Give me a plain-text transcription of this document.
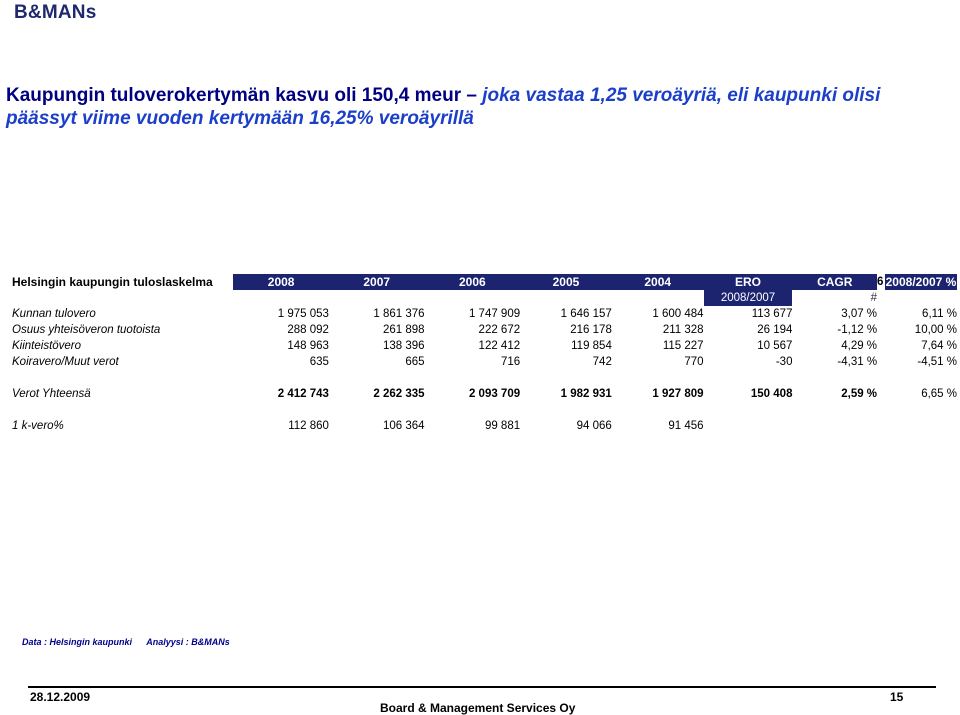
B&MANs
Kaupungin tuloverokertymän kasvu oli 150,4 meur – joka vastaa 1,25 veroäyriä, eli kaupunki olisi päässyt viime vuoden kertymään 16,25% veroäyrillä
Helsingin kaupungin tuloslaskelma	2008	2007	2006	2005	2004	ERO	CAGR	6	2008/2007 %
						2008/2007	#		
Kunnan tulovero	1 975 053	1 861 376	1 747 909	1 646 157	1 600 484	113 677	3,07 %		6,11 %
Osuus yhteisöveron tuotoista	288 092	261 898	222 672	216 178	211 328	26 194	-1,12 %		10,00 %
Kiinteistövero	148 963	138 396	122 412	119 854	115 227	10 567	4,29 %		7,64 %
Koiravero/Muut verot	635	665	716	742	770	-30	-4,31 %		-4,51 %

Verot Yhteensä	2 412 743	2 262 335	2 093 709	1 982 931	1 927 809	150 408	2,59 %		6,65 %

1 k-vero%	112 860	106 364	99 881	94 066	91 456				
Data : Helsingin kaupunki Analyysi : B&MANs
28.12.2009	15
Board & Management Services Oy
